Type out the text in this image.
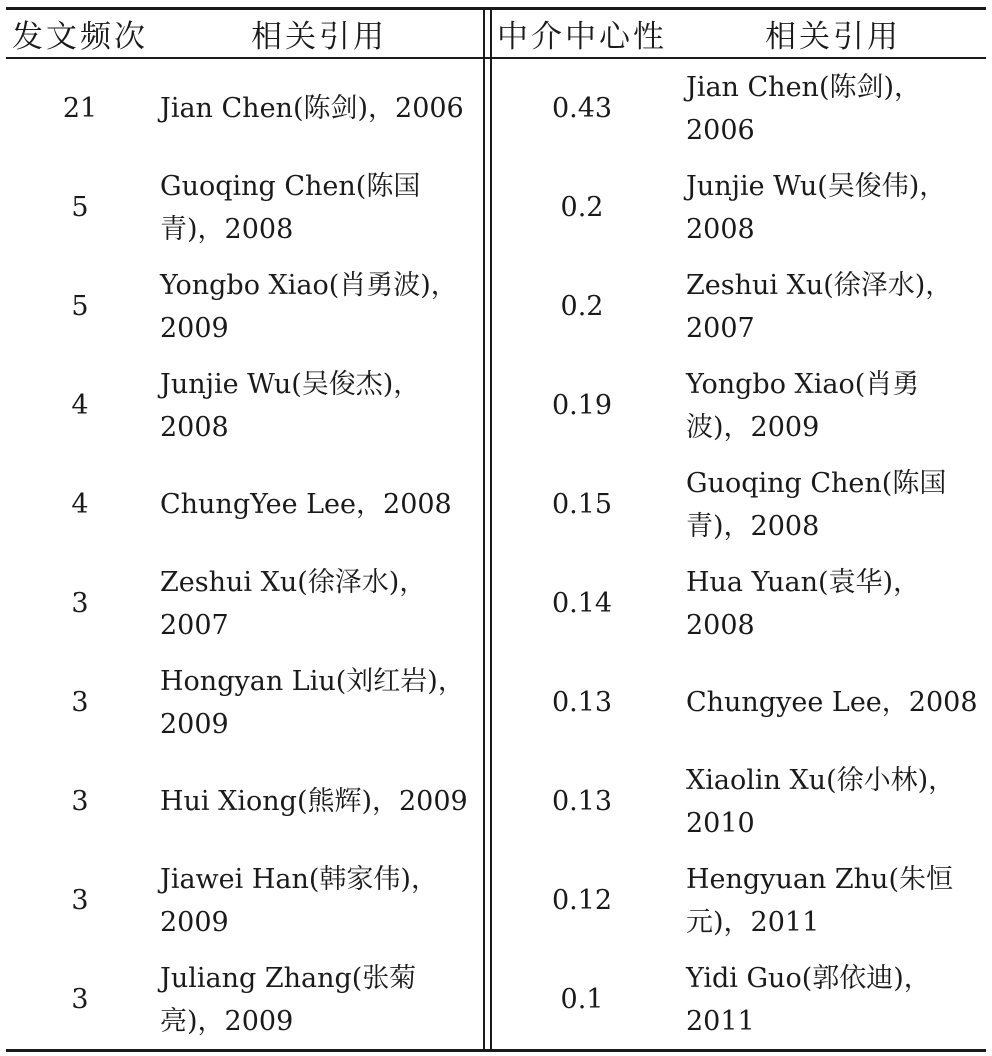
发文频次	相关引用	中介中心性	相关引用
21	Jian Chen(陈剑)，2006	0.43	Jian Chen(陈剑)，2006
5	Guoqing Chen(陈国青)，2008	0.2	Junjie Wu(吴俊伟)，2008
5	Yongbo Xiao(肖勇波)，2009	0.2	Zeshui Xu(徐泽水)，2007
4	Junjie Wu(吴俊杰)，2008	0.19	Yongbo Xiao(肖勇波)，2009
4	ChungYee Lee，2008	0.15	Guoqing Chen(陈国青)，2008
3	Zeshui Xu(徐泽水)，2007	0.14	Hua Yuan(袁华)，2008
3	Hongyan Liu(刘红岩)，2009	0.13	Chungyee Lee，2008
3	Hui Xiong(熊辉)，2009	0.13	Xiaolin Xu(徐小林)，2010
3	Jiawei Han(韩家伟)，2009	0.12	Hengyuan Zhu(朱恒元)，2011
3	Juliang Zhang(张菊亮)，2009	0.1	Yidi Guo(郭依迪)，2011
